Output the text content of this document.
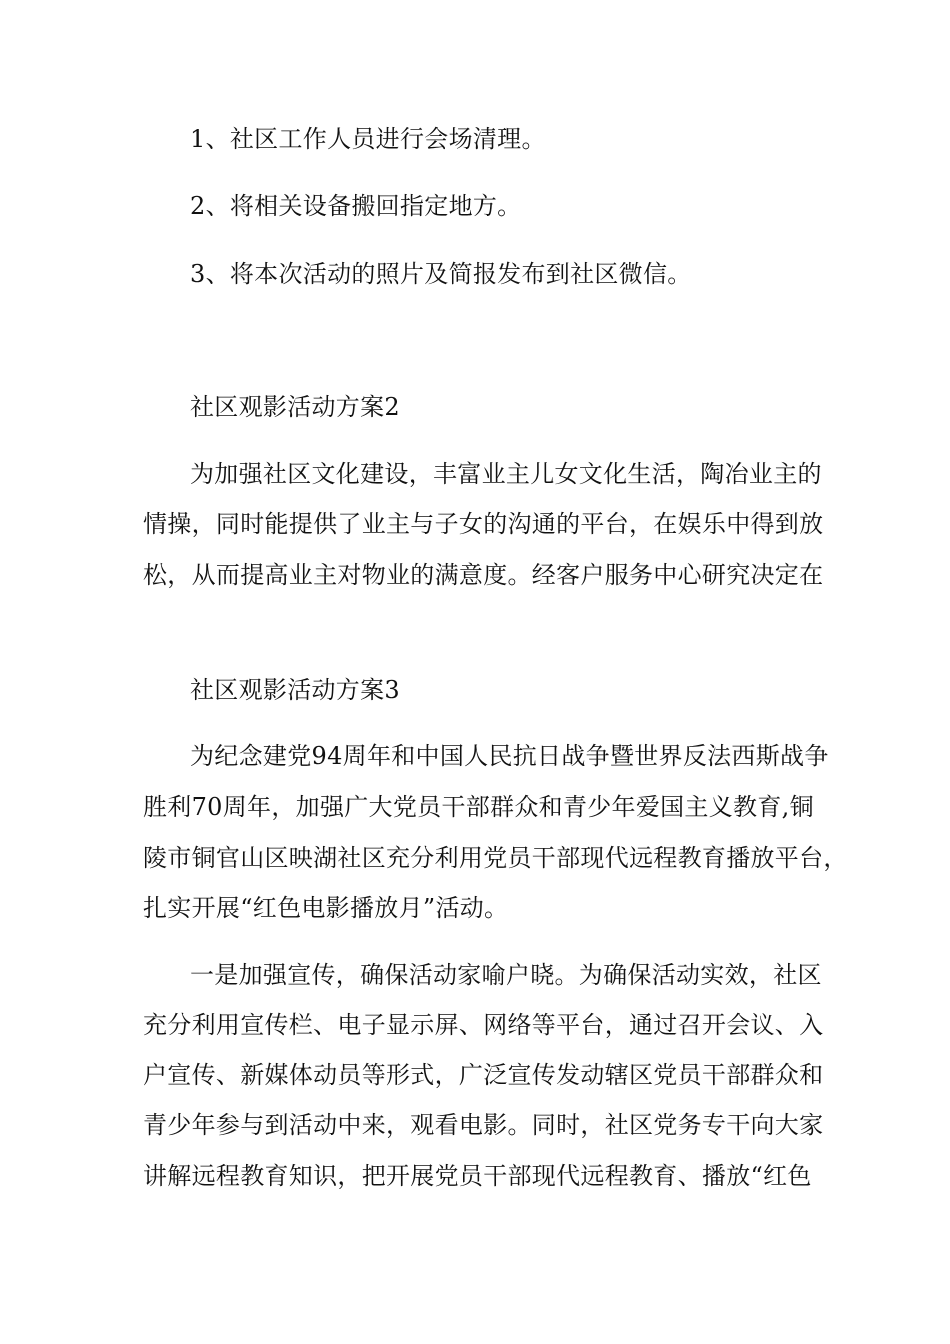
1、社区工作人员进行会场清理。
2、将相关设备搬回指定地方。
3、将本次活动的照片及简报发布到社区微信。
社区观影活动方案2
为加强社区文化建设，丰富业主儿女文化生活，陶冶业主的
情操，同时能提供了业主与子女的沟通的平台，在娱乐中得到放
松，从而提高业主对物业的满意度。经客户服务中心研究决定在
社区观影活动方案3
为纪念建党94周年和中国人民抗日战争暨世界反法西斯战争
胜利70周年，加强广大党员干部群众和青少年爱国主义教育,铜
陵市铜官山区映湖社区充分利用党员干部现代远程教育播放平台，
扎实开展“红色电影播放月”活动。
一是加强宣传，确保活动家喻户晓。为确保活动实效，社区
充分利用宣传栏、电子显示屏、网络等平台，通过召开会议、入
户宣传、新媒体动员等形式，广泛宣传发动辖区党员干部群众和
青少年参与到活动中来，观看电影。同时，社区党务专干向大家
讲解远程教育知识，把开展党员干部现代远程教育、播放“红色
